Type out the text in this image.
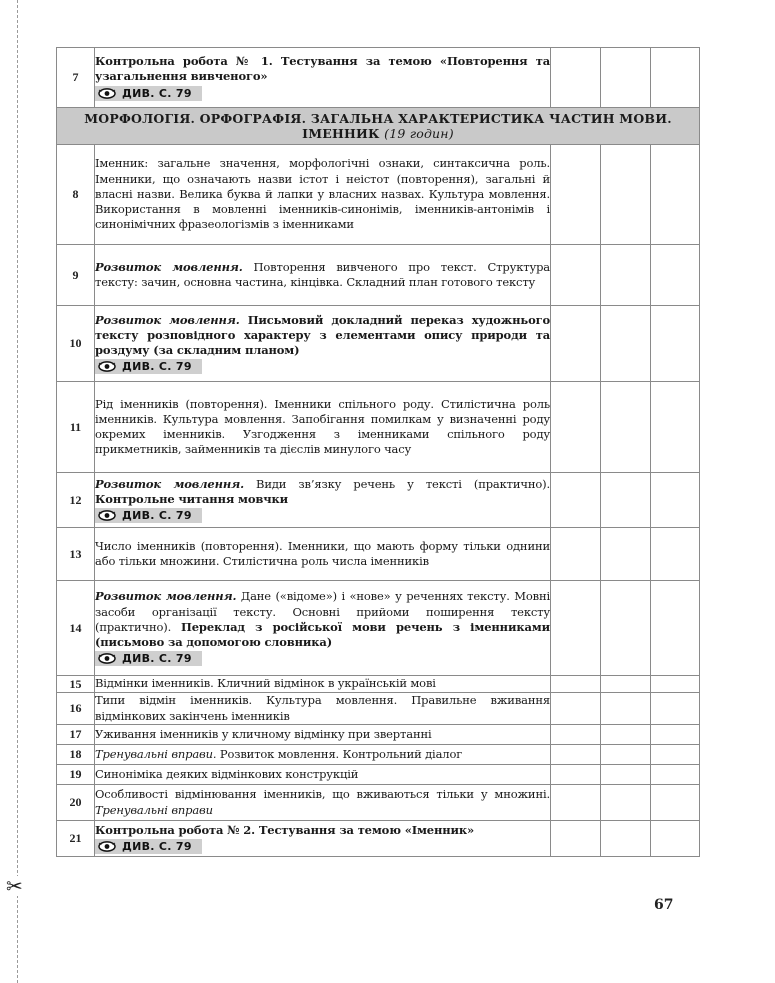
✂
7	Контрольна робота № 1. Тестування за темою «Повторення та узагальнення вивченого»
ДИВ. С. 79			
МОРФОЛОГІЯ. ОРФОГРАФІЯ. ЗАГАЛЬНА ХАРАКТЕРИСТИКА ЧАСТИН МОВИ. ІМЕННИК (19 годин)				
8	Іменник: загальне значення, морфологічні ознаки, синтаксична роль. Іменники, що означають назви істот і неістот (повторення), загальні й власні назви. Велика буква й лапки у власних назвах. Культура мовлення. Використання в мовленні іменників-синонімів, іменників-антонімів і синонімічних фразеологізмів з іменниками			

9	Розвиток мовлення. Повторення вивченого про текст. Структура тексту: зачин, основна частина, кінцівка. Складний план готового тексту			

10	Розвиток мовлення. Письмовий докладний переказ художнього тексту розповідного характеру з елементами опису природи та роздуму (за складним планом)
ДИВ. С. 79			
11	Рід іменників (повторення). Іменники спільного роду. Стилістична роль іменників. Культура мовлення. Запобігання помилкам у визначенні роду окремих іменників. Узгодження з іменниками спільного роду прикметників, займенників та дієслів минулого часу			

12	Розвиток мовлення. Види зв’язку речень у тексті (практично). Контрольне читання мовчки
ДИВ. С. 79			
13	Число іменників (повторення). Іменники, що мають форму тільки однини або тільки множини. Стилістична роль числа іменників			

14	Розвиток мовлення. Дане («відоме») і «нове» у реченнях тексту. Мовні засоби організації тексту. Основні прийоми поширення тексту (практично). Переклад з російської мови речень з іменниками (письмово за допомогою словника)
ДИВ. С. 79			
15	Відмінки іменників. Кличний відмінок в українській мові			

16	Типи відмін іменників. Культура мовлення. Правильне вживання відмінкових закінчень іменників			

17	Уживання іменників у кличному відмінку при звертанні			

18	Тренувальні вправи. Розвиток мовлення. Контрольний діалог			

19	Синоніміка деяких відмінкових конструкцій			

20	Особливості відмінювання іменників, що вживаються тільки у множині. Тренувальні вправи			

21	Контрольна робота № 2. Тестування за темою «Іменник»
ДИВ. С. 79			
67
